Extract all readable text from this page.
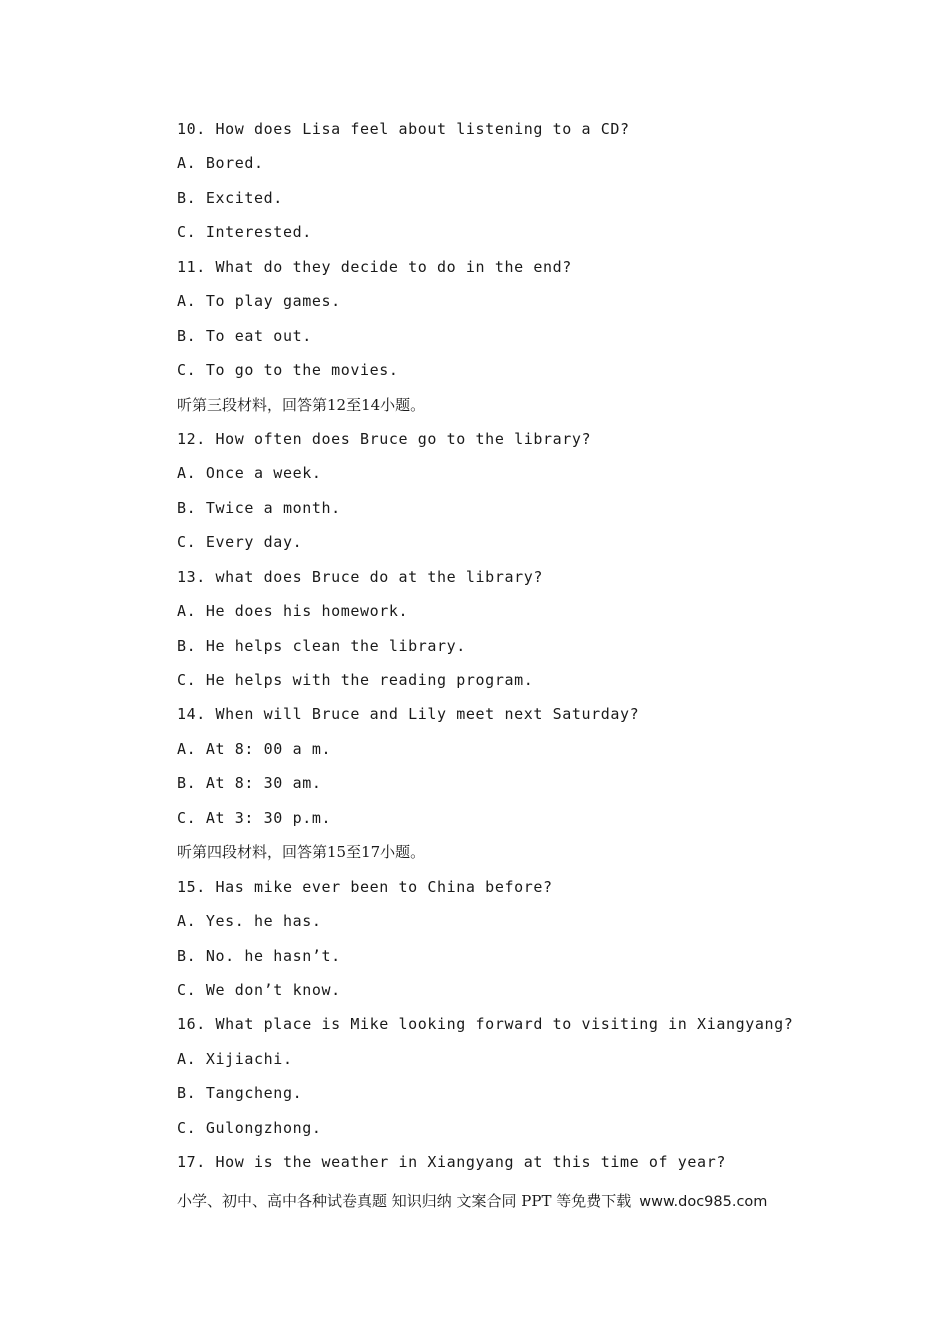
10. How does Lisa feel about listening to a CD?
A. Bored.
B. Excited.
C. Interested.
11. What do they decide to do in the end?
A. To play games.
B. To eat out.
C. To go to the movies.
听第三段材料，回答第12至14小题。
12. How often does Bruce go to the library?
A. Once a week.
B. Twice a month.
C. Every day.
13. what does Bruce do at the library?
A. He does his homework.
B. He helps clean the library.
C. He helps with the reading program.
14. When will Bruce and Lily meet next Saturday?
A. At 8: 00 a m.
B. At 8: 30 am.
C. At 3: 30 p.m.
听第四段材料，回答第15至17小题。
15. Has mike ever been to China before?
A. Yes. he has.
B. No. he hasn’t.
C. We don’t know.
16. What place is Mike looking forward to visiting in Xiangyang?
A. Xijiachi.
B. Tangcheng.
C. Gulongzhong.
17. How is the weather in Xiangyang at this time of year?
小学、初中、高中各种试卷真题 知识归纳 文案合同 PPT 等免费下载 www.doc985.com
